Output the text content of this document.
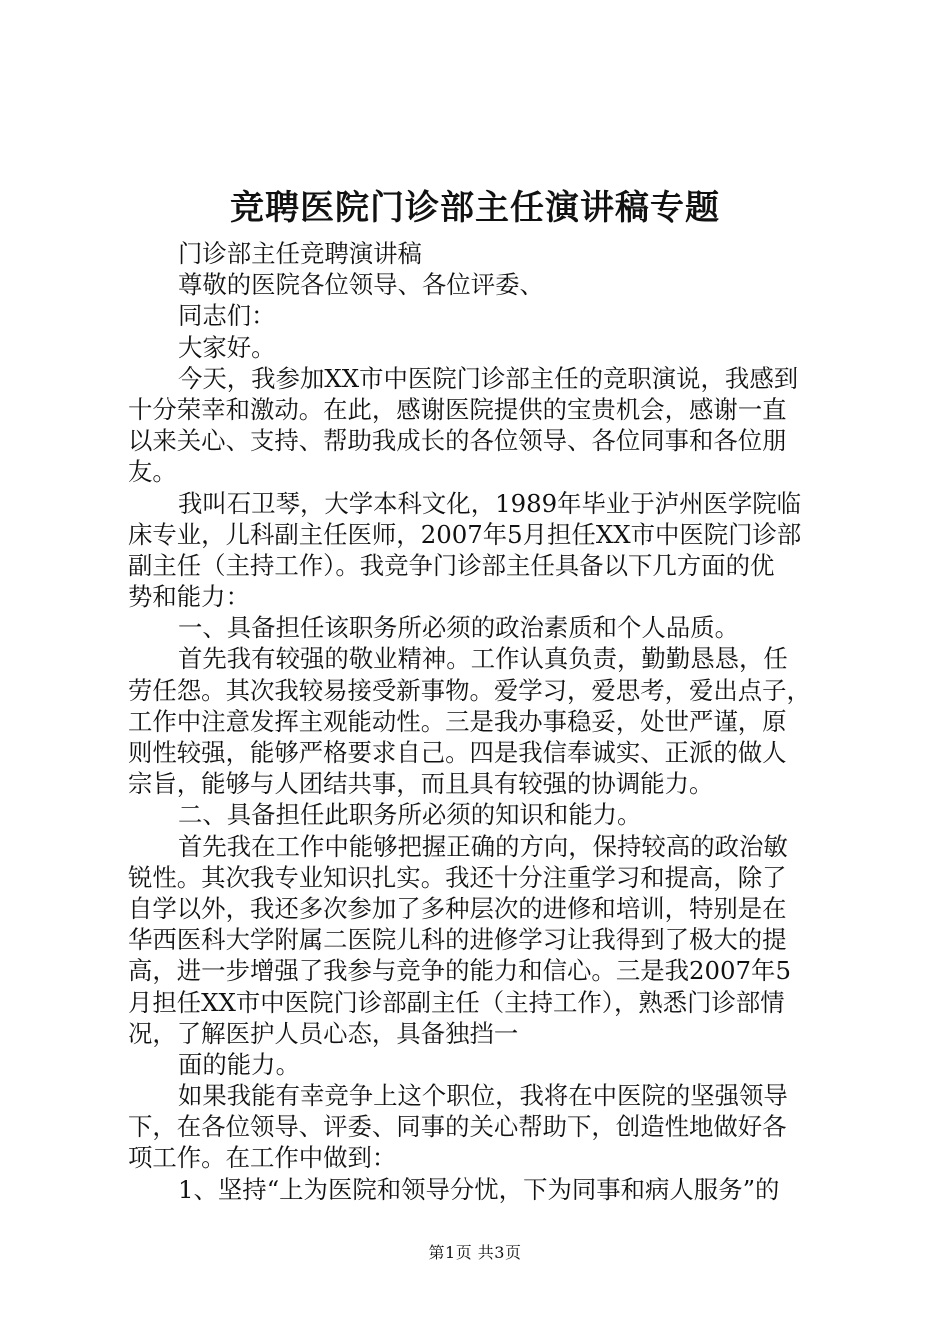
竞聘医院门诊部主任演讲稿专题
门诊部主任竞聘演讲稿
尊敬的医院各位领导、各位评委、
同志们：
大家好。
今天，我参加XX市中医院门诊部主任的竞职演说，我感到
十分荣幸和激动。在此，感谢医院提供的宝贵机会，感谢一直
以来关心、支持、帮助我成长的各位领导、各位同事和各位朋
友。
我叫石卫琴，大学本科文化，1989年毕业于泸州医学院临
床专业，儿科副主任医师，2007年5月担任XX市中医院门诊部
副主任（主持工作）。我竞争门诊部主任具备以下几方面的优
势和能力：
一、具备担任该职务所必须的政治素质和个人品质。
首先我有较强的敬业精神。工作认真负责，勤勤恳恳，任
劳任怨。其次我较易接受新事物。爱学习，爱思考，爱出点子，
工作中注意发挥主观能动性。三是我办事稳妥，处世严谨，原
则性较强，能够严格要求自己。四是我信奉诚实、正派的做人
宗旨，能够与人团结共事，而且具有较强的协调能力。
二、具备担任此职务所必须的知识和能力。
首先我在工作中能够把握正确的方向，保持较高的政治敏
锐性。其次我专业知识扎实。我还十分注重学习和提高，除了
自学以外，我还多次参加了多种层次的进修和培训，特别是在
华西医科大学附属二医院儿科的进修学习让我得到了极大的提
高，进一步增强了我参与竞争的能力和信心。三是我2007年5
月担任XX市中医院门诊部副主任（主持工作），熟悉门诊部情
况，了解医护人员心态，具备独挡一
面的能力。
如果我能有幸竞争上这个职位，我将在中医院的坚强领导
下，在各位领导、评委、同事的关心帮助下，创造性地做好各
项工作。在工作中做到：
1、坚持“上为医院和领导分忧，下为同事和病人服务”的
第1页 共3页
